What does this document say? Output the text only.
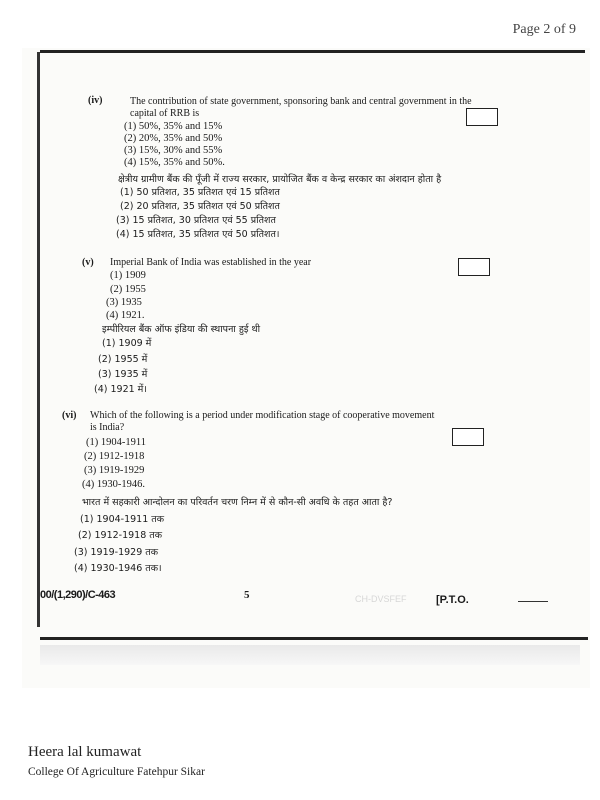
Page 2 of 9
(iv)	The contribution of state government, sponsoring bank and central government in the
capital of RRB is
(1) 50%, 35% and 15%
(2) 20%, 35% and 50%
(3) 15%, 30% and 55%
(4) 15%, 35% and 50%.
क्षेत्रीय ग्रामीण बैंक की पूँजी में राज्य सरकार, प्रायोजित बैंक व केन्द्र सरकार का अंशदान होता है
(1) 50 प्रतिशत, 35 प्रतिशत एवं 15 प्रतिशत
(2) 20 प्रतिशत, 35 प्रतिशत एवं 50 प्रतिशत
(3) 15 प्रतिशत, 30 प्रतिशत एवं 55 प्रतिशत
(4) 15 प्रतिशत, 35 प्रतिशत एवं 50 प्रतिशत।
(v) Imperial Bank of India was established in the year
(1) 1909
(2) 1955
(3) 1935
(4) 1921.
इम्पीरियल बैंक ऑफ इंडिया की स्थापना हुई थी
(1) 1909 में
(2) 1955 में
(3) 1935 में
(4) 1921 में।
(vi) Which of the following is a period under modification stage of cooperative movement
is India?
(1) 1904-1911
(2) 1912-1918
(3) 1919-1929
(4) 1930-1946.
भारत में सहकारी आन्दोलन का परिवर्तन चरण निम्न में से कौन-सी अवधि के तहत आता है?
(1) 1904-1911 तक
(2) 1912-1918 तक
(3) 1919-1929 तक
(4) 1930-1946 तक।
00/(1,290)/C-463	5	CH-DVSFEF	[P.T.O.
Heera lal kumawat
College Of Agriculture Fatehpur Sikar
